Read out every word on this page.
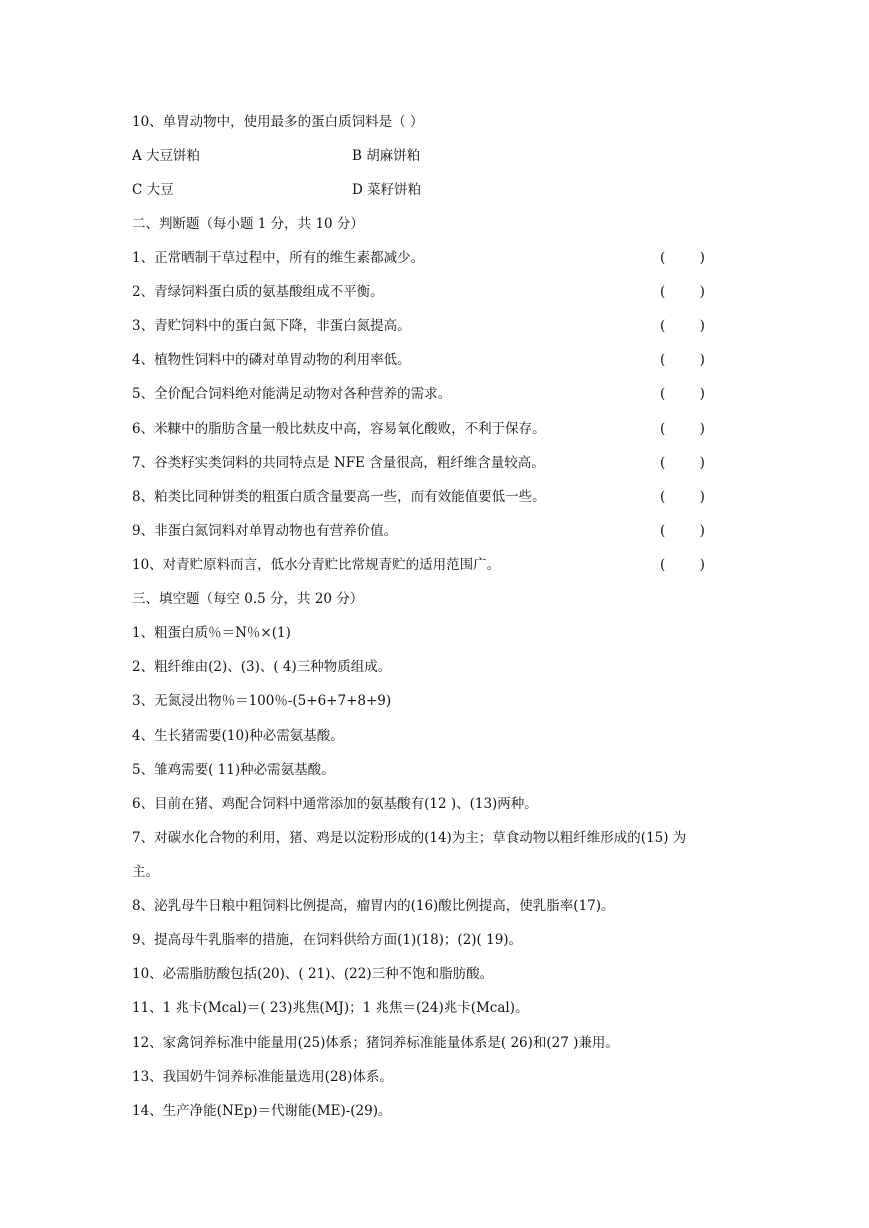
10、单胃动物中，使用最多的蛋白质饲料是（ ）
A 大豆饼粕	B 胡麻饼粕
C 大豆	D 菜籽饼粕
二、判断题（每小题 1 分，共 10 分）
1、正常晒制干草过程中，所有的维生素都减少。	(        )
2、青绿饲料蛋白质的氨基酸组成不平衡。	(        )
3、青贮饲料中的蛋白氮下降，非蛋白氮提高。	(        )
4、植物性饲料中的磷对单胃动物的利用率低。	(        )
5、全价配合饲料绝对能满足动物对各种营养的需求。	(        )
6、米糠中的脂肪含量一般比麸皮中高，容易氧化酸败，不利于保存。	(        )
7、谷类籽实类饲料的共同特点是 NFE 含量很高，粗纤维含量较高。	(        )
8、粕类比同种饼类的粗蛋白质含量要高一些，而有效能值要低一些。	(        )
9、非蛋白氮饲料对单胃动物也有营养价值。	(        )
10、对青贮原料而言，低水分青贮比常规青贮的适用范围广。	(        )
三、填空题（每空 0.5 分，共 20 分）
1、粗蛋白质％＝N％×(1)
2、粗纤维由(2)、(3)、( 4)三种物质组成。
3、无氮浸出物％＝100％-(5+6+7+8+9)
4、生长猪需要(10)种必需氨基酸。
5、雏鸡需要( 11)种必需氨基酸。
6、目前在猪、鸡配合饲料中通常添加的氨基酸有(12 )、(13)两种。
7、对碳水化合物的利用，猪、鸡是以淀粉形成的(14)为主；草食动物以粗纤维形成的(15) 为
主。
8、泌乳母牛日粮中粗饲料比例提高，瘤胃内的(16)酸比例提高，使乳脂率(17)。
9、提高母牛乳脂率的措施，在饲料供给方面(1)(18)；(2)( 19)。
10、必需脂肪酸包括(20)、( 21)、(22)三种不饱和脂肪酸。
11、1 兆卡(Mcal)＝( 23)兆焦(MJ)；1 兆焦＝(24)兆卡(Mcal)。
12、家禽饲养标准中能量用(25)体系；猪饲养标准能量体系是( 26)和(27 )兼用。
13、我国奶牛饲养标准能量选用(28)体系。
14、生产净能(NEp)＝代谢能(ME)-(29)。
